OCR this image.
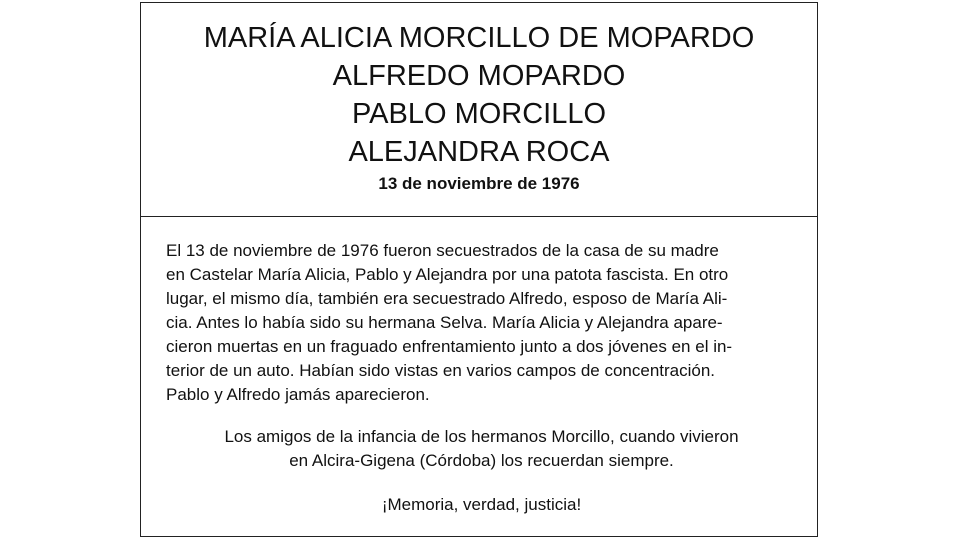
MARÍA ALICIA MORCILLO DE MOPARDO
ALFREDO MOPARDO
PABLO MORCILLO
ALEJANDRA ROCA
13 de noviembre de 1976

El 13 de noviembre de 1976 fueron secuestrados de la casa de su madre
en Castelar María Alicia, Pablo y Alejandra por una patota fascista. En otro
lugar, el mismo día, también era secuestrado Alfredo, esposo de María Ali-
cia. Antes lo había sido su hermana Selva. María Alicia y Alejandra apare-
cieron muertas en un fraguado enfrentamiento junto a dos jóvenes en el in-
terior de un auto. Habían sido vistas en varios campos de concentración.
Pablo y Alfredo jamás aparecieron.

Los amigos de la infancia de los hermanos Morcillo, cuando vivieron
en Alcira-Gigena (Córdoba) los recuerdan siempre.

¡Memoria, verdad, justicia!
